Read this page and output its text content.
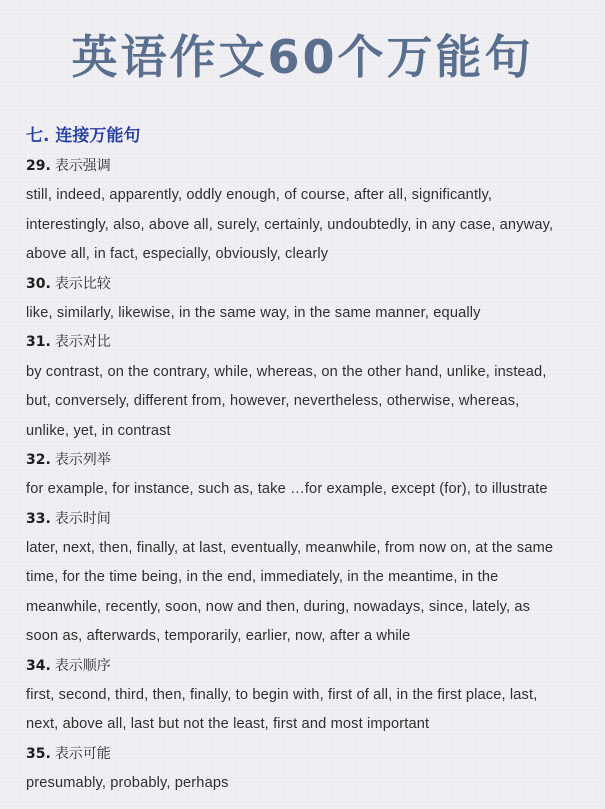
英语作文60个万能句
七. 连接万能句
29. 表示强调
still, indeed, apparently, oddly enough, of course, after all, significantly,
interestingly, also, above all, surely, certainly, undoubtedly, in any case, anyway,
above all, in fact, especially, obviously, clearly
30. 表示比较
like, similarly, likewise, in the same way, in the same manner, equally
31. 表示对比
by contrast, on the contrary, while, whereas, on the other hand, unlike, instead,
but, conversely, different from, however, nevertheless, otherwise, whereas,
unlike, yet, in contrast
32. 表示列举
for example, for instance, such as, take …for example, except (for), to illustrate
33. 表示时间
later, next, then, finally, at last, eventually, meanwhile, from now on, at the same
time, for the time being, in the end, immediately, in the meantime, in the
meanwhile, recently, soon, now and then, during, nowadays, since, lately, as
soon as, afterwards, temporarily, earlier, now, after a while
34. 表示顺序
first, second, third, then, finally, to begin with, first of all, in the first place, last,
next, above all, last but not the least, first and most important
35. 表示可能
presumably, probably, perhaps
